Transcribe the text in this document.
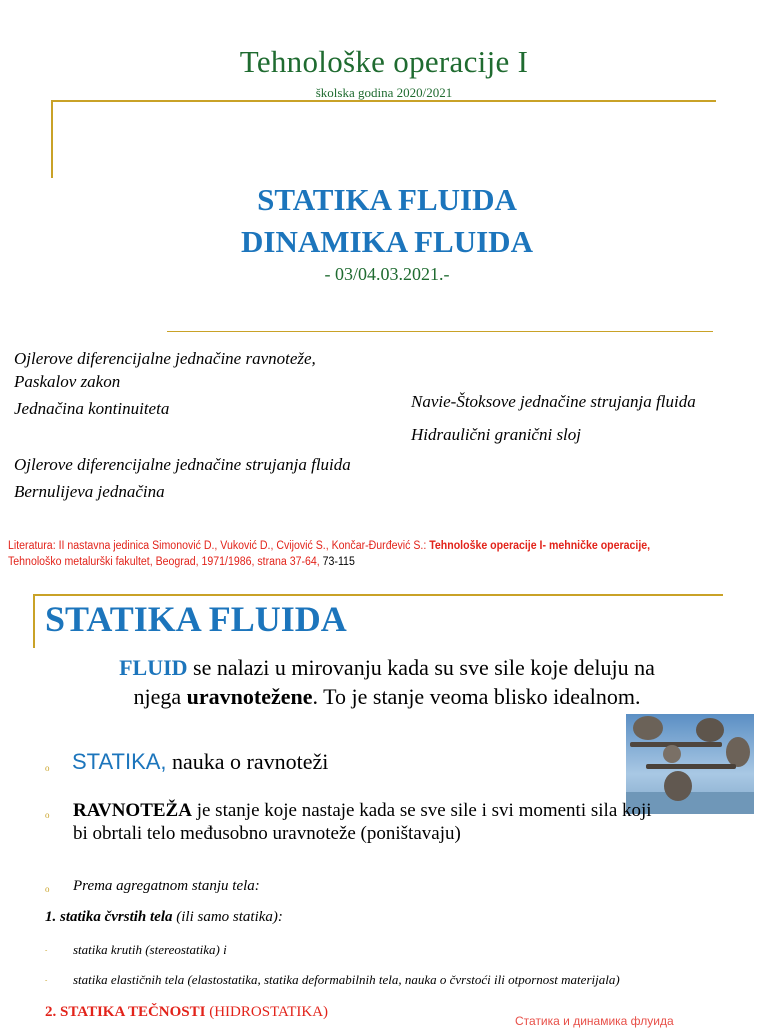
Tehnološke operacije I
školska godina 2020/2021
STATIKA FLUIDA
DINAMIKA FLUIDA
- 03/04.03.2021.-
Ojlerove diferencijalne jednačine ravnoteže,
Paskalov zakon
Jednačina kontinuiteta
Ojlerove diferencijalne jednačine strujanja fluida
Bernulijeva jednačina
Navie-Štoksove jednačine strujanja fluida
Hidraulični granični sloj
Literatura: II nastavna jedinica Simonović D., Vuković D., Cvijović S., Končar-Đurđević S.: Tehnološke operacije I- mehničke operacije,
Tehnološko metalurški fakultet, Beograd, 1971/1986, strana 37-64, 73-115
STATIKA FLUIDA
FLUID se nalazi u mirovanju kada su sve sile koje deluju na
njega uravnotežene. To je stanje veoma blisko idealnom.
o STATIKA, nauka o ravnoteži
o RAVNOTEŽA je stanje koje nastaje kada se sve sile i svi momenti sila koji
bi obrtali telo međusobno uravnoteže (poništavaju)
o Prema agregatnom stanju tela:
1. statika čvrstih tela (ili samo statika):
- statika krutih (stereostatika) i
- statika elastičnih tela (elastostatika, statika deformabilnih tela, nauka o čvrstoći ili otpornost materijala)
2. STATIKA TEČNOSTI (HIDROSTATIKA)
Статика и динамика флуида
